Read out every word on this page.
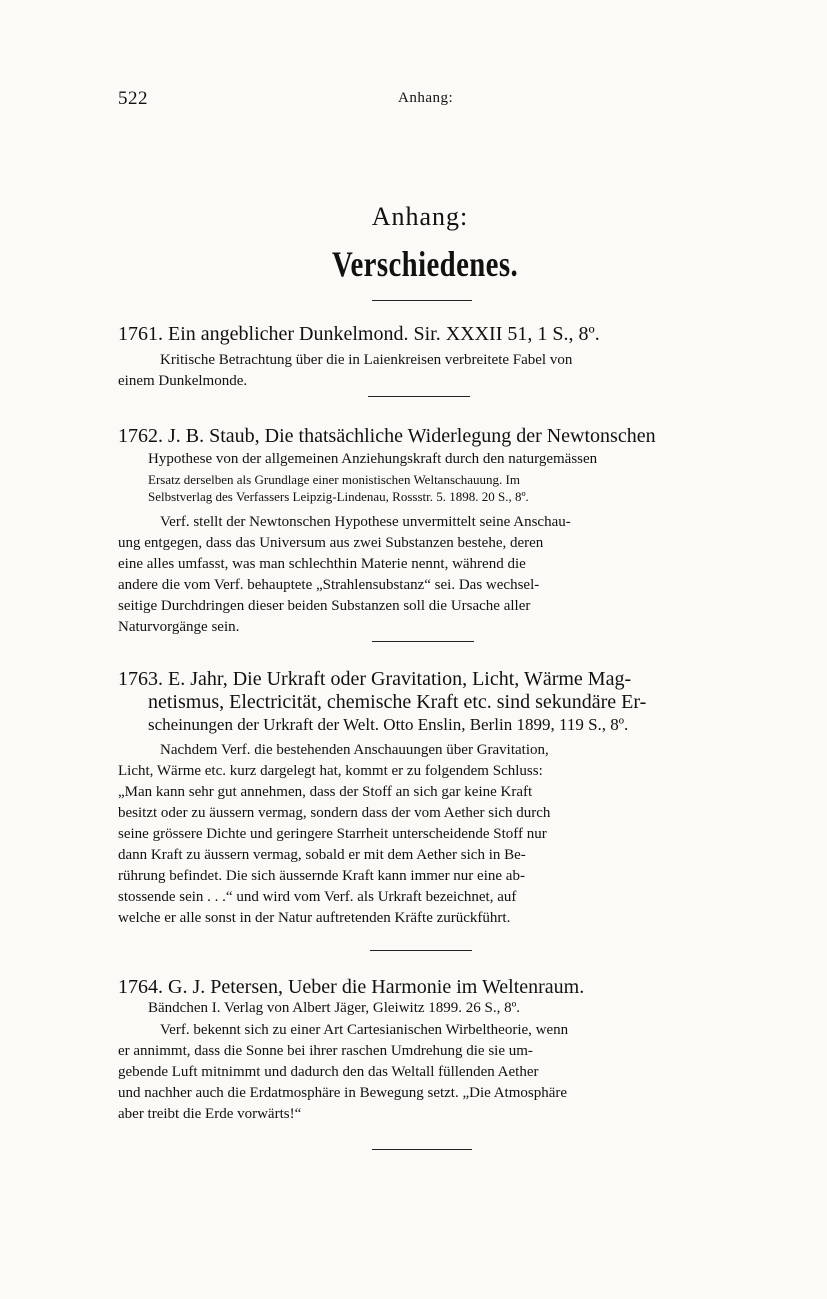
522	Anhang:
Anhang:
Verschiedenes.
1761. Ein angeblicher Dunkelmond. Sir. XXXII 51, 1 S., 8º.
Kritische Betrachtung über die in Laienkreisen verbreitete Fabel von
einem Dunkelmonde.
1762. J. B. Staub, Die thatsächliche Widerlegung der Newtonschen
Hypothese von der allgemeinen Anziehungskraft durch den naturgemässen
Ersatz derselben als Grundlage einer monistischen Weltanschauung. Im
Selbstverlag des Verfassers Leipzig-Lindenau, Rossstr. 5. 1898. 20 S., 8º.
Verf. stellt der Newtonschen Hypothese unvermittelt seine Anschau-
ung entgegen, dass das Universum aus zwei Substanzen bestehe, deren
eine alles umfasst, was man schlechthin Materie nennt, während die
andere die vom Verf. behauptete „Strahlensubstanz“ sei. Das wechsel-
seitige Durchdringen dieser beiden Substanzen soll die Ursache aller
Naturvorgänge sein.
1763. E. Jahr, Die Urkraft oder Gravitation, Licht, Wärme Mag-
netismus, Electricität, chemische Kraft etc. sind sekundäre Er-
scheinungen der Urkraft der Welt. Otto Enslin, Berlin 1899, 119 S., 8º.
Nachdem Verf. die bestehenden Anschauungen über Gravitation,
Licht, Wärme etc. kurz dargelegt hat, kommt er zu folgendem Schluss:
„Man kann sehr gut annehmen, dass der Stoff an sich gar keine Kraft
besitzt oder zu äussern vermag, sondern dass der vom Aether sich durch
seine grössere Dichte und geringere Starrheit unterscheidende Stoff nur
dann Kraft zu äussern vermag, sobald er mit dem Aether sich in Be-
rührung befindet. Die sich äussernde Kraft kann immer nur eine ab-
stossende sein . . .“ und wird vom Verf. als Urkraft bezeichnet, auf
welche er alle sonst in der Natur auftretenden Kräfte zurückführt.
1764. G. J. Petersen, Ueber die Harmonie im Weltenraum.
Bändchen I. Verlag von Albert Jäger, Gleiwitz 1899. 26 S., 8º.
Verf. bekennt sich zu einer Art Cartesianischen Wirbeltheorie, wenn
er annimmt, dass die Sonne bei ihrer raschen Umdrehung die sie um-
gebende Luft mitnimmt und dadurch den das Weltall füllenden Aether
und nachher auch die Erdatmosphäre in Bewegung setzt. „Die Atmosphäre
aber treibt die Erde vorwärts!“
